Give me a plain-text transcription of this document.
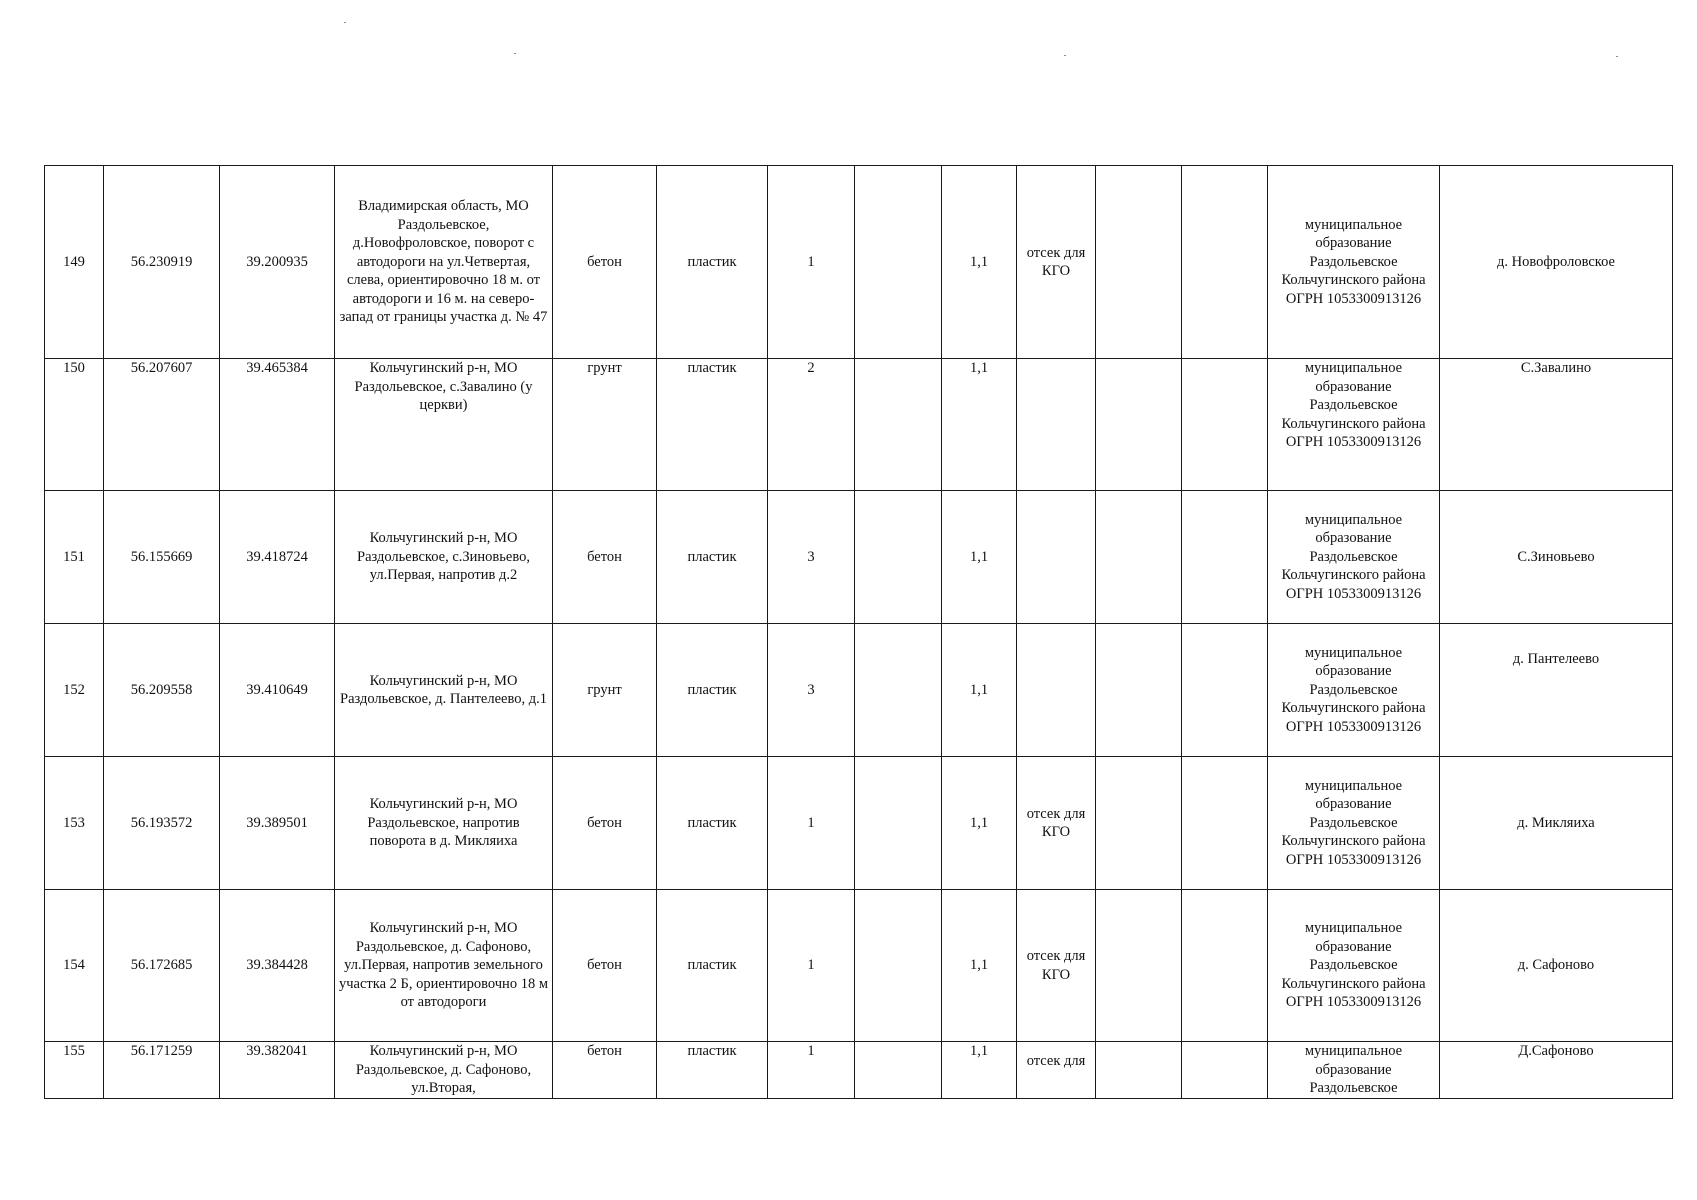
149	56.230919	39.200935	Владимирская область, МО Раздольевское, д.Новофроловское, поворот с автодороги на ул.Четвертая, слева, ориентировочно 18 м. от автодороги и 16 м. на северо-запад от границы участка д. № 47	бетон	пластик	1		1,1	отсек для КГО			муниципальное образование Раздольевское Кольчугинского района ОГРН 1053300913126	д. Новофроловское
150	56.207607	39.465384	Кольчугинский р-н, МО Раздольевское, с.Завалино (у церкви)	грунт	пластик	2		1,1				муниципальное образование Раздольевское Кольчугинского района ОГРН 1053300913126	С.Завалино
151	56.155669	39.418724	Кольчугинский р-н, МО Раздольевское, с.Зиновьево, ул.Первая, напротив д.2	бетон	пластик	3		1,1				муниципальное образование Раздольевское Кольчугинского района ОГРН 1053300913126	С.Зиновьево
152	56.209558	39.410649	Кольчугинский р-н, МО Раздольевское, д. Пантелеево, д.1	грунт	пластик	3		1,1				муниципальное образование Раздольевское Кольчугинского района ОГРН 1053300913126	д. Пантелеево
153	56.193572	39.389501	Кольчугинский р-н, МО Раздольевское, напротив поворота в д. Микляиха	бетон	пластик	1		1,1	отсек для КГО			муниципальное образование Раздольевское Кольчугинского района ОГРН 1053300913126	д. Микляиха
154	56.172685	39.384428	Кольчугинский р-н, МО Раздольевское, д. Сафоново, ул.Первая, напротив земельного участка 2 Б, ориентировочно 18 м от автодороги	бетон	пластик	1		1,1	отсек для КГО			муниципальное образование Раздольевское Кольчугинского района ОГРН 1053300913126	д. Сафоново

155	56.171259	39.382041	Кольчугинский р-н, МО Раздольевское, д. Сафоново, ул.Вторая,	бетон	пластик	1		1,1	отсек для			муниципальное образование Раздольевское	Д.Сафоново
